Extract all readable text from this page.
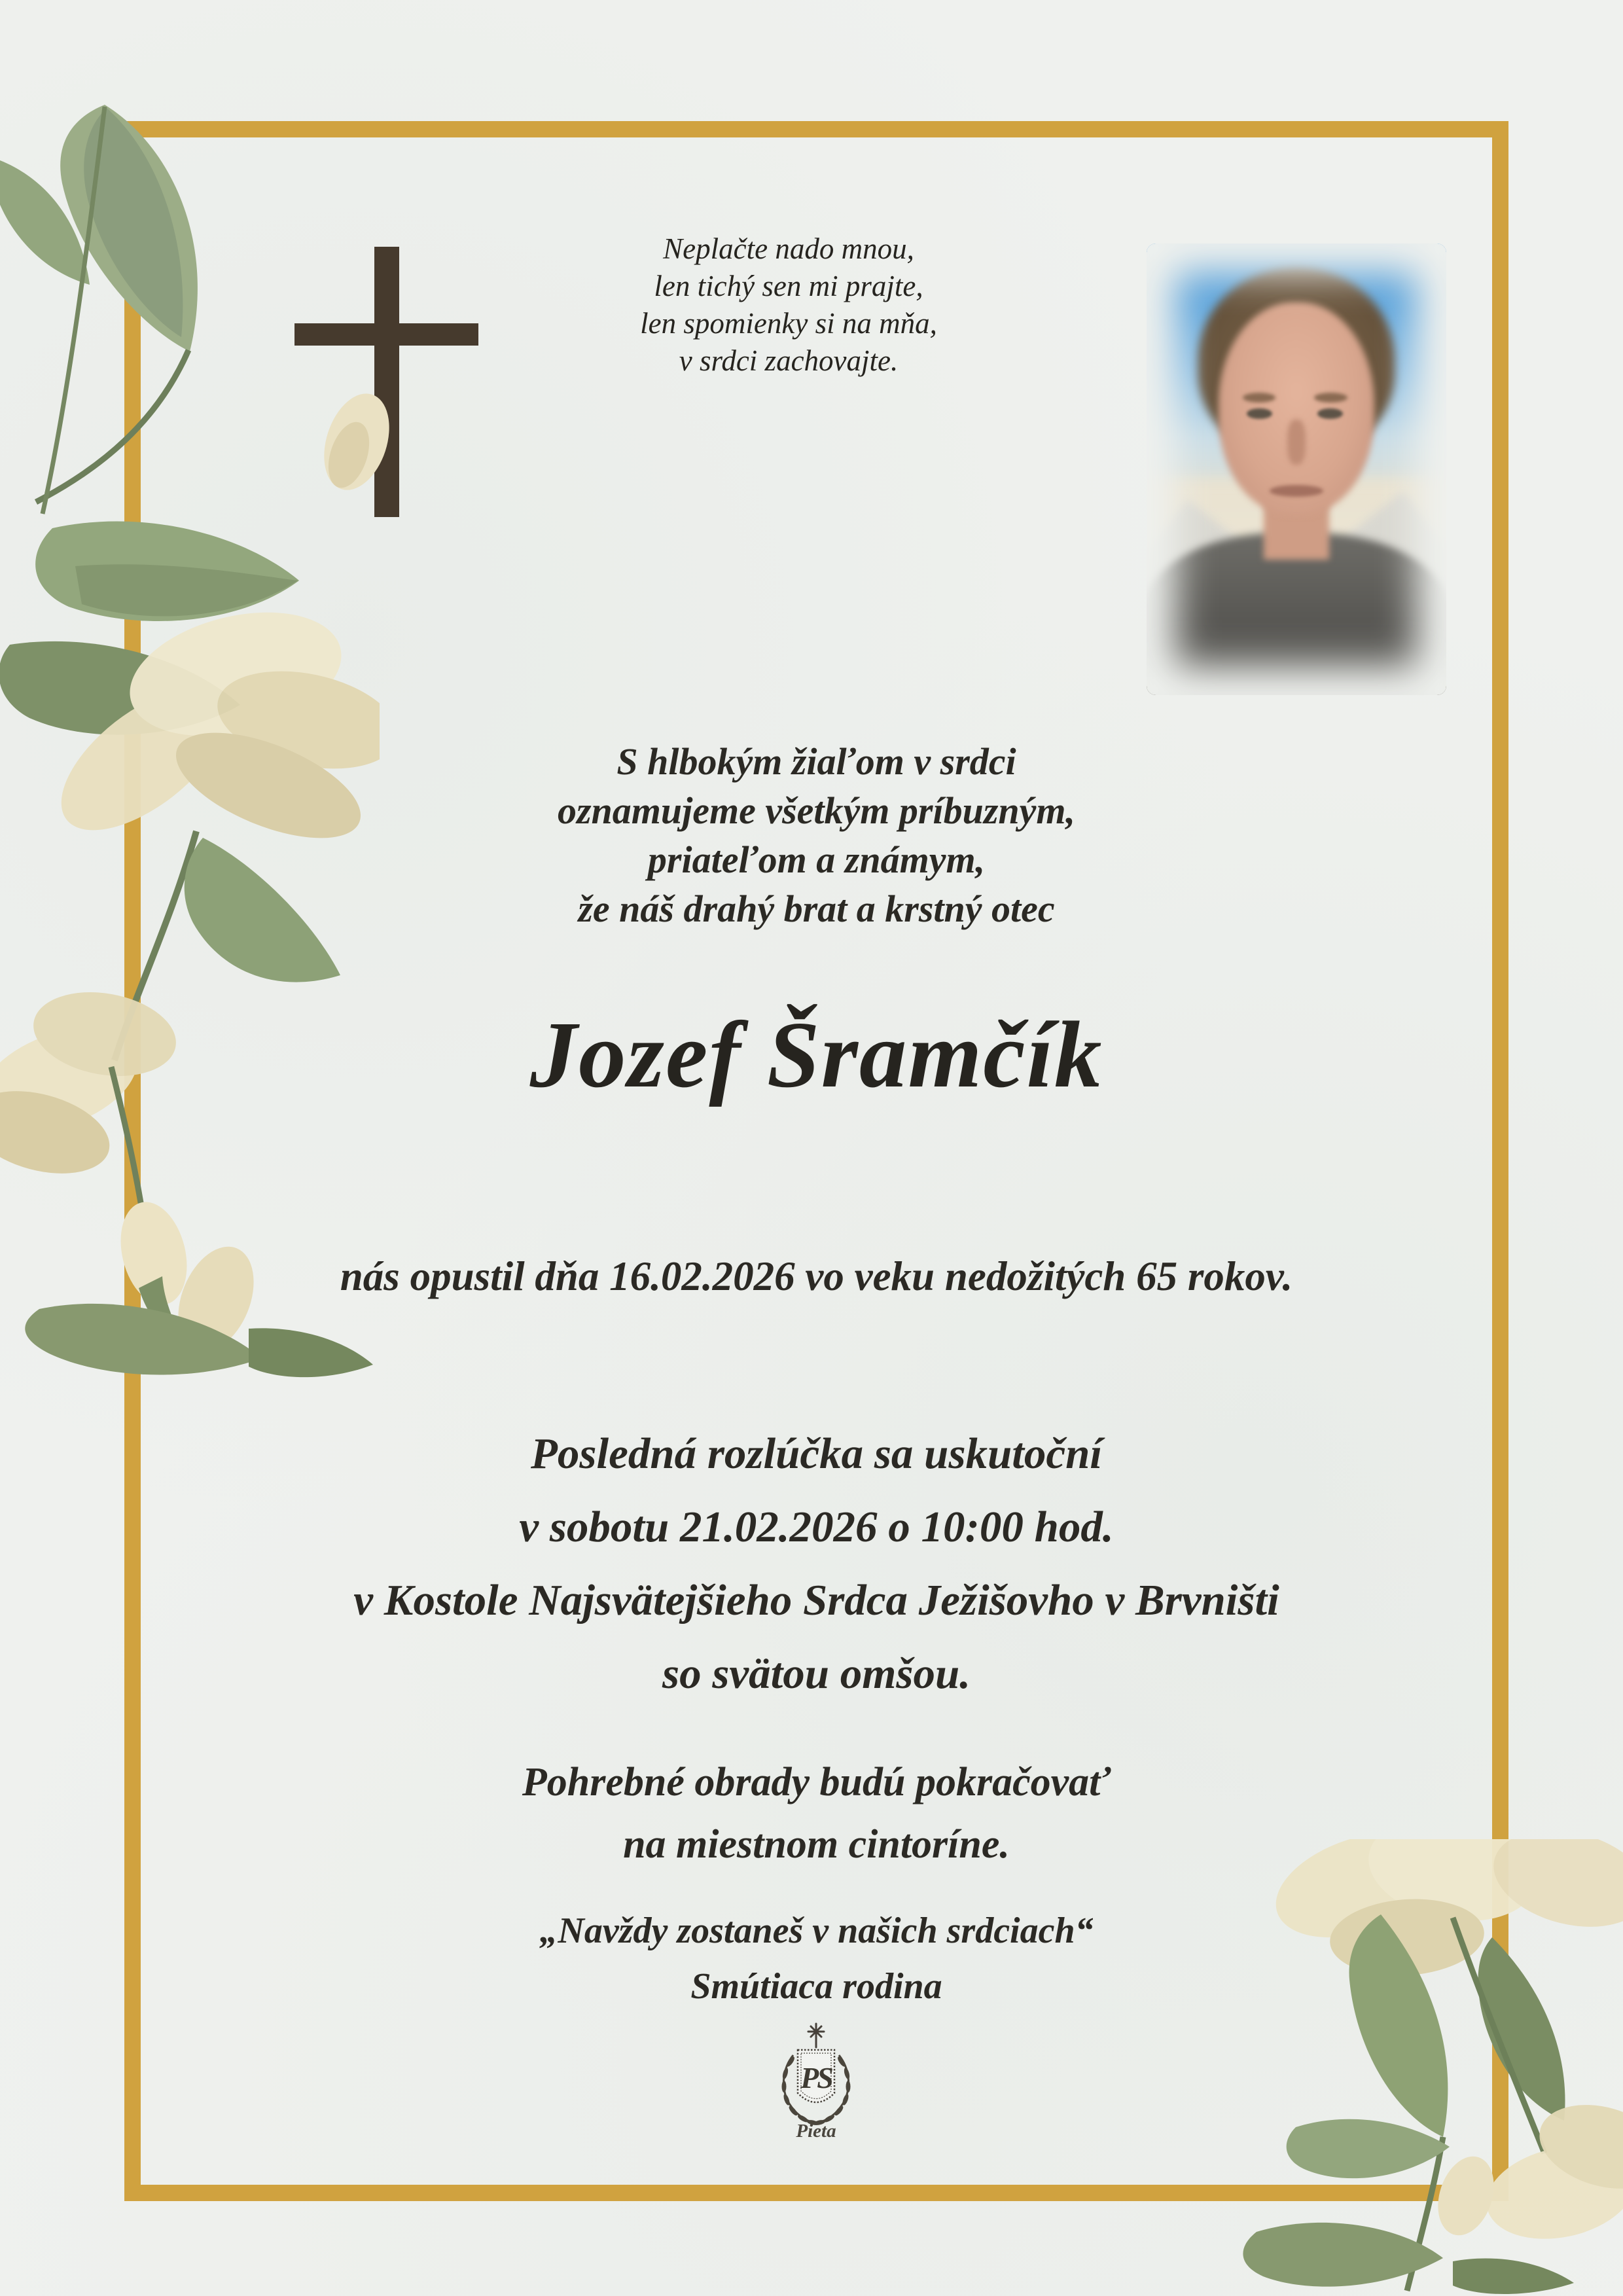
Neplačte nado mnou,
len tichý sen mi prajte,
len spomienky si na mňa,
v srdci zachovajte.
S hlbokým žiaľom v srdci
oznamujeme všetkým príbuzným,
priateľom a známym,
že náš drahý brat a krstný otec
Jozef Šramčík
nás opustil dňa 16.02.2026 vo veku nedožitých 65 rokov.
Posledná rozlúčka sa uskutoční
v sobotu 21.02.2026 o 10:00 hod.
v Kostole Najsvätejšieho Srdca Ježišovho v Brvništi
so svätou omšou.
Pohrebné obrady budú pokračovať
na miestnom cintoríne.
„Navždy zostaneš v našich srdciach“
Smútiaca rodina
PS
Pieta
